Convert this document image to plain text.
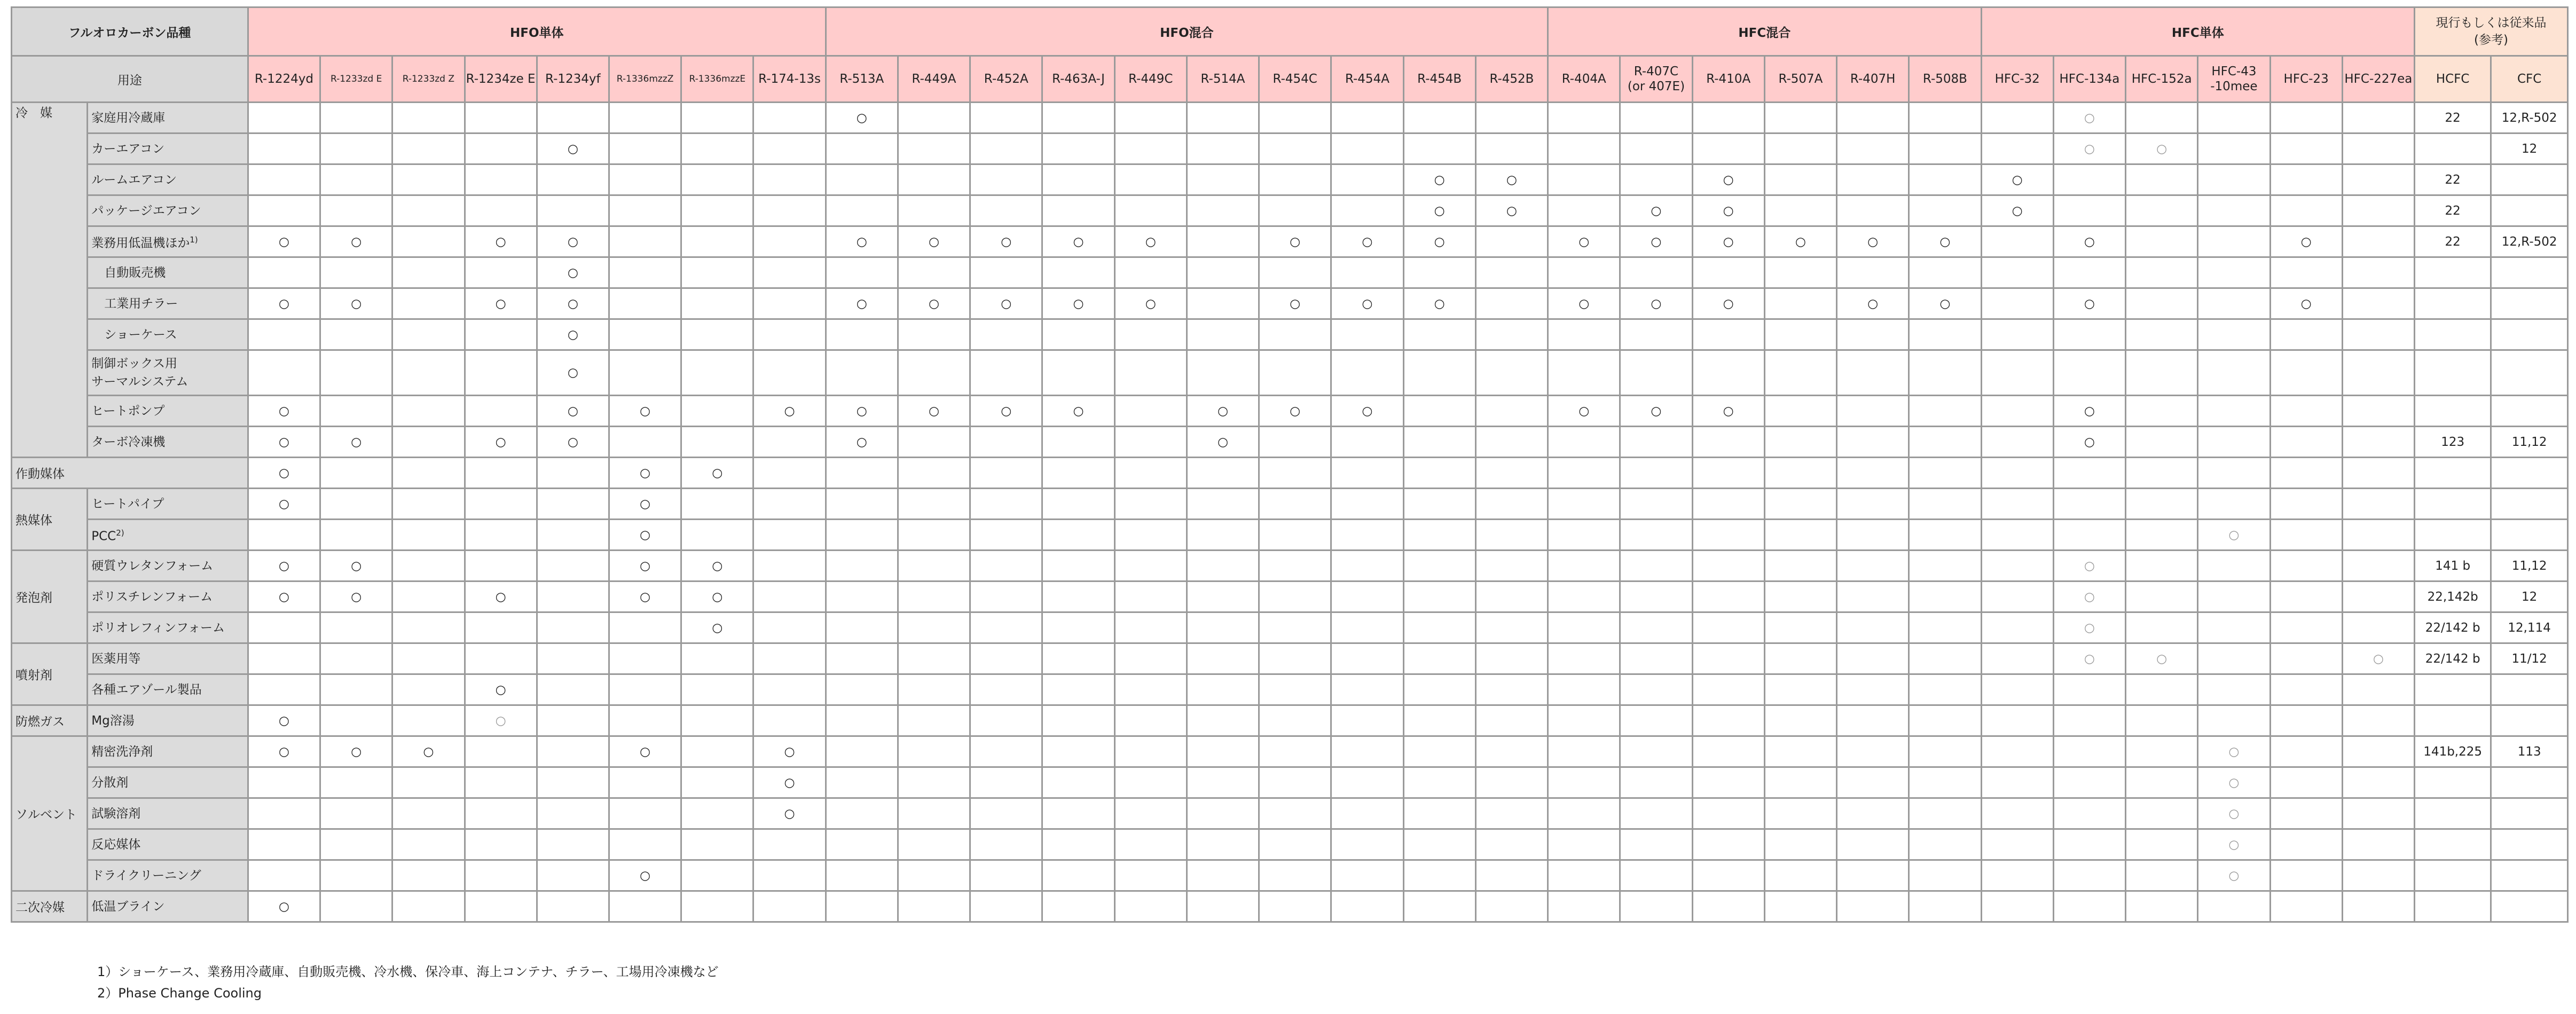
フルオロカーボン品種		HFO単体								HFO混合										HFC混合						HFC単体						現行もしくは従来品
(参考)	
用途		R-1224yd	R-1233zd E	R-1233zd Z	R-1234ze E	R-1234yf	R-1336mzzZ	R-1336mzzE	R-174-13s	R-513A	R-449A	R-452A	R-463A-J	R-449C	R-514A	R-454C	R-454A	R-454B	R-452B	R-404A	R-407C
(or 407E)	R-410A	R-507A	R-407H	R-508B	HFC-32	HFC-134a	HFC-152a	HFC-43
-10mee	HFC-23	HFC-227ea	HCFC	CFC
冷　媒	家庭用冷蔵庫									○																	○					22	12,R-502
	カーエアコン					○																					○	○					12
	ルームエアコン																	○	○			○				○						22	
	パッケージエアコン																	○	○		○	○				○						22	
	業務用低温機ほか$^{1)}$	○	○		○	○				○	○	○	○	○		○	○	○		○	○	○	○	○	○		○			○		22	12,R-502
	自動販売機					○																											
	工業用チラー	○	○		○	○				○	○	○	○	○		○	○	○		○	○	○		○	○		○			○			
	ショーケース					○																											
	制御ボックス用
サーマルシステム					○																											
	ヒートポンプ	○				○	○		○	○	○	○	○		○	○	○			○	○	○					○						
	ターボ冷凍機	○	○		○	○				○					○												○					123	11,12
作動媒体		○					○	○																									
熱媒体	ヒートパイプ	○					○																										
	PCC$^{2)}$						○																						○				
発泡剤	硬質ウレタンフォーム	○	○				○	○																			○					141 b	11,12
	ポリスチレンフォーム	○	○		○		○	○																			○					22,142b	12
	ポリオレフィンフォーム							○																			○					22/142 b	12,114
噴射剤	医薬用等																										○	○			○	22/142 b	11/12
	各種エアゾール製品				○																												
防燃ガス	Mg溶湯	○			○																												
ソルベント	精密洗浄剤	○	○	○			○		○																				○			141b,225	113
	分散剤								○																				○				
	試験溶剤								○																				○				
	反応媒体																												○				
	ドライクリーニング						○																						○				
二次冷媒	低温ブライン	○																															
1）ショーケース、業務用冷蔵庫、自動販売機、冷水機、保冷車、海上コンテナ、チラー、工場用冷凍機など
2）Phase Change Cooling
